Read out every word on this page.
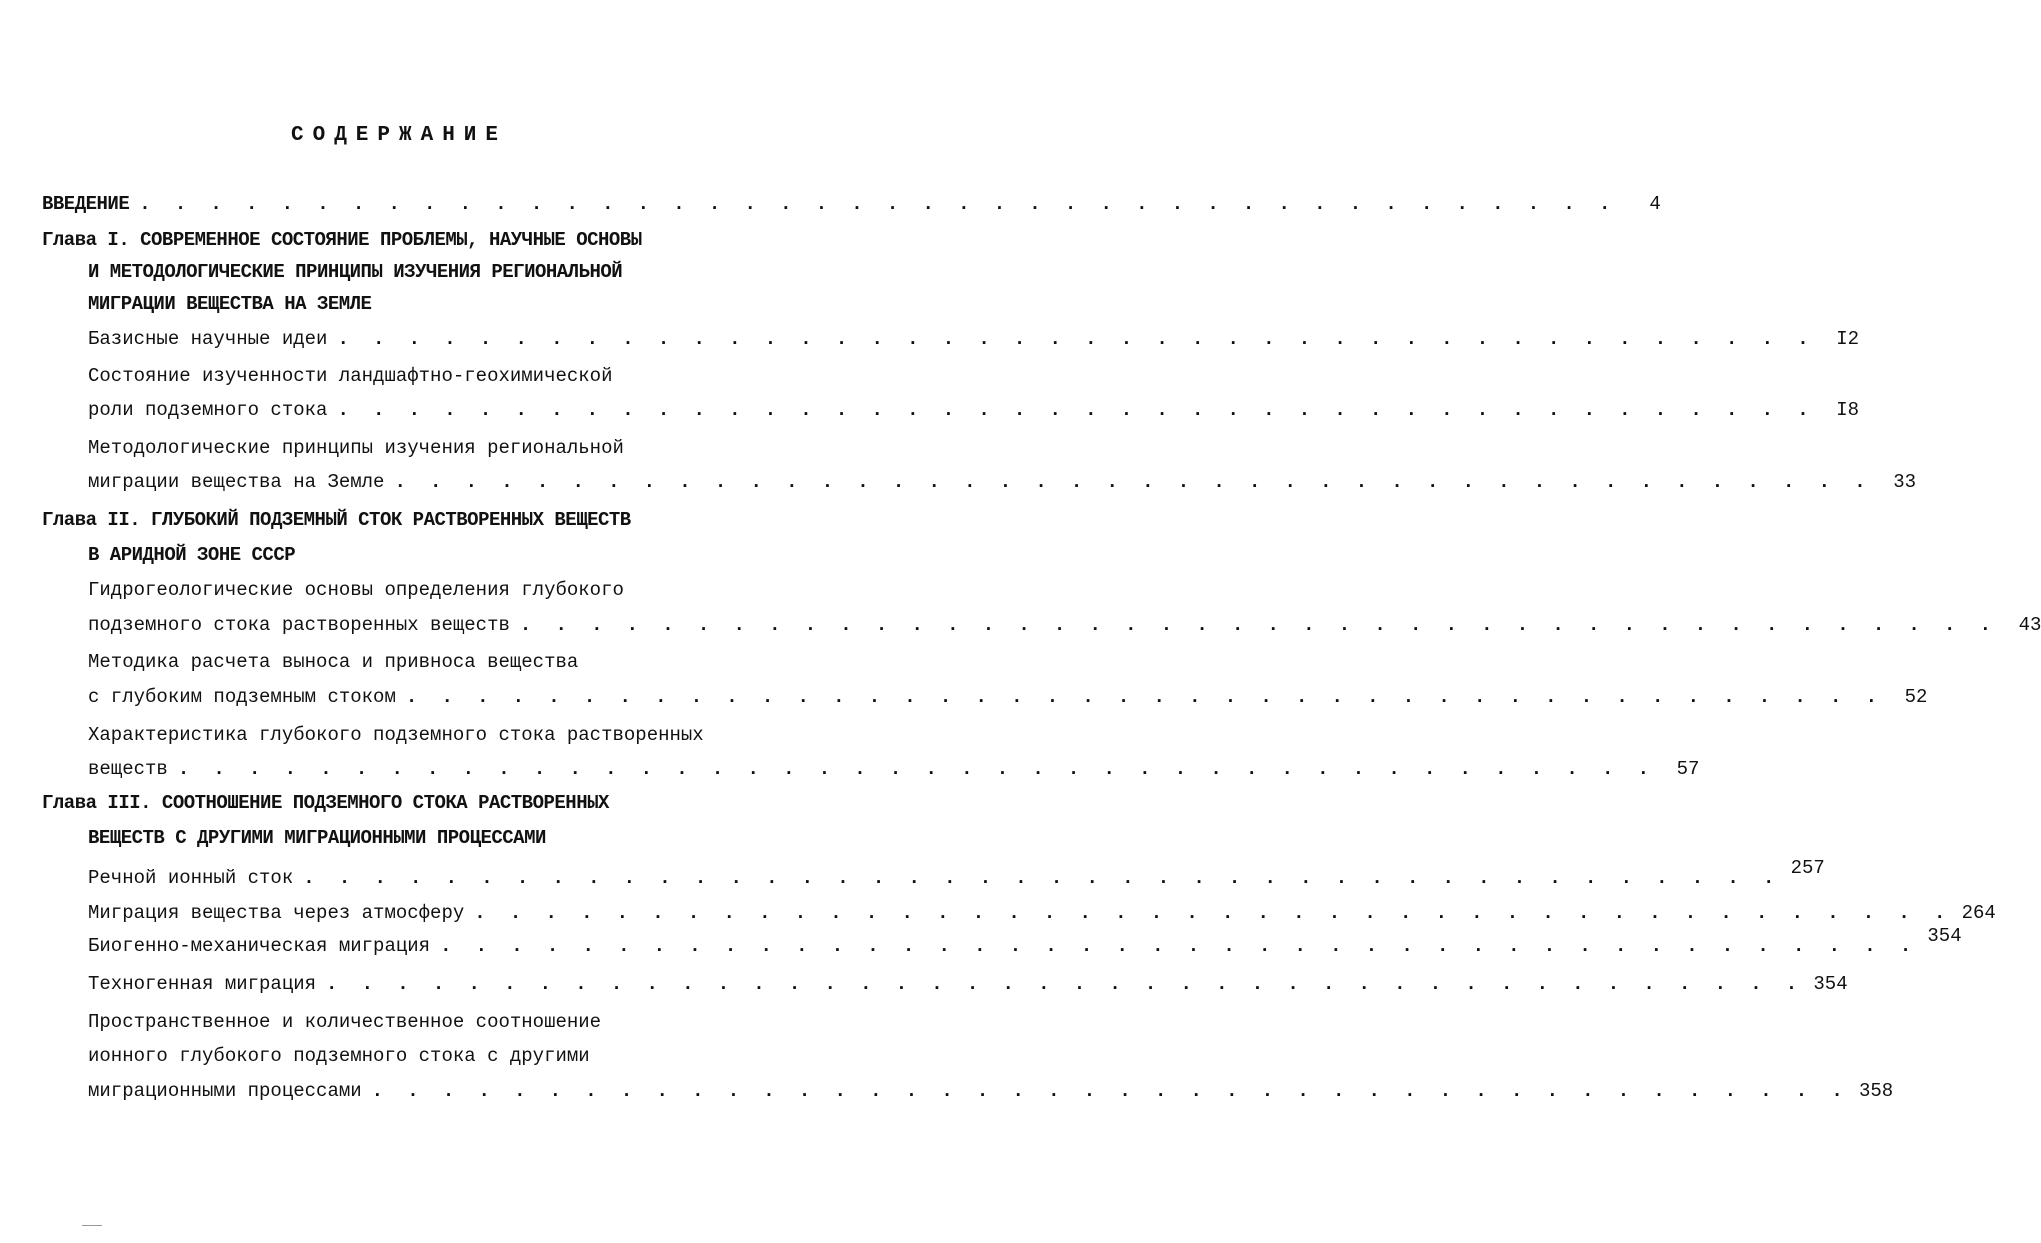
СОДЕРЖАНИЕ
ВВЕДЕНИЕ . . . . . . . . . . . . . . . . . . . . . . . . . . . . . . . . . . . . . . . . . .	4
Глава I. СОВРЕМЕННОЕ СОСТОЯНИЕ ПРОБЛЕМЫ, НАУЧНЫЕ ОСНОВЫ
И МЕТОДОЛОГИЧЕСКИЕ ПРИНЦИПЫ ИЗУЧЕНИЯ РЕГИОНАЛЬНОЙ
МИГРАЦИИ ВЕЩЕСТВА НА ЗЕМЛЕ
Базисные научные идеи . . . . . . . . . . . . . . . . . . . . . . . . . . . . . . . . . . . . . . . . . .	I2
Состояние изученности ландшафтно-геохимической
роли подземного стока . . . . . . . . . . . . . . . . . . . . . . . . . . . . . . . . . . . . . . . . . .	I8
Методологические принципы изучения региональной
миграции вещества на Земле . . . . . . . . . . . . . . . . . . . . . . . . . . . . . . . . . . . . . . . . . .	33
Глава II. ГЛУБОКИЙ ПОДЗЕМНЫЙ СТОК РАСТВОРЕННЫХ ВЕЩЕСТВ
В АРИДНОЙ ЗОНЕ СССР
Гидрогеологические основы определения глубокого
подземного стока растворенных веществ . . . . . . . . . . . . . . . . . . . . . . . . . . . . . . . . . . . . . . . . . .	43
Методика расчета выноса и привноса вещества
с глубоким подземным стоком . . . . . . . . . . . . . . . . . . . . . . . . . . . . . . . . . . . . . . . . . .	52
Характеристика глубокого подземного стока растворенных
веществ . . . . . . . . . . . . . . . . . . . . . . . . . . . . . . . . . . . . . . . . . .	57
Глава III. СООТНОШЕНИЕ ПОДЗЕМНОГО СТОКА РАСТВОРЕННЫХ
ВЕЩЕСТВ С ДРУГИМИ МИГРАЦИОННЫМИ ПРОЦЕССАМИ
Речной ионный сток . . . . . . . . . . . . . . . . . . . . . . . . . . . . . . . . . . . . . . . . . . 257
Миграция вещества через атмосферу . . . . . . . . . . . . . . . . . . . . . . . . . . . . . . . . . . . . . . . . . . 264
Биогенно-механическая миграция . . . . . . . . . . . . . . . . . . . . . . . . . . . . . . . . . . . . . . . . . . 354
Техногенная миграция . . . . . . . . . . . . . . . . . . . . . . . . . . . . . . . . . . . . . . . . . . 354
Пространственное и количественное соотношение
ионного глубокого подземного стока с другими
миграционными процессами . . . . . . . . . . . . . . . . . . . . . . . . . . . . . . . . . . . . . . . . . . 358
